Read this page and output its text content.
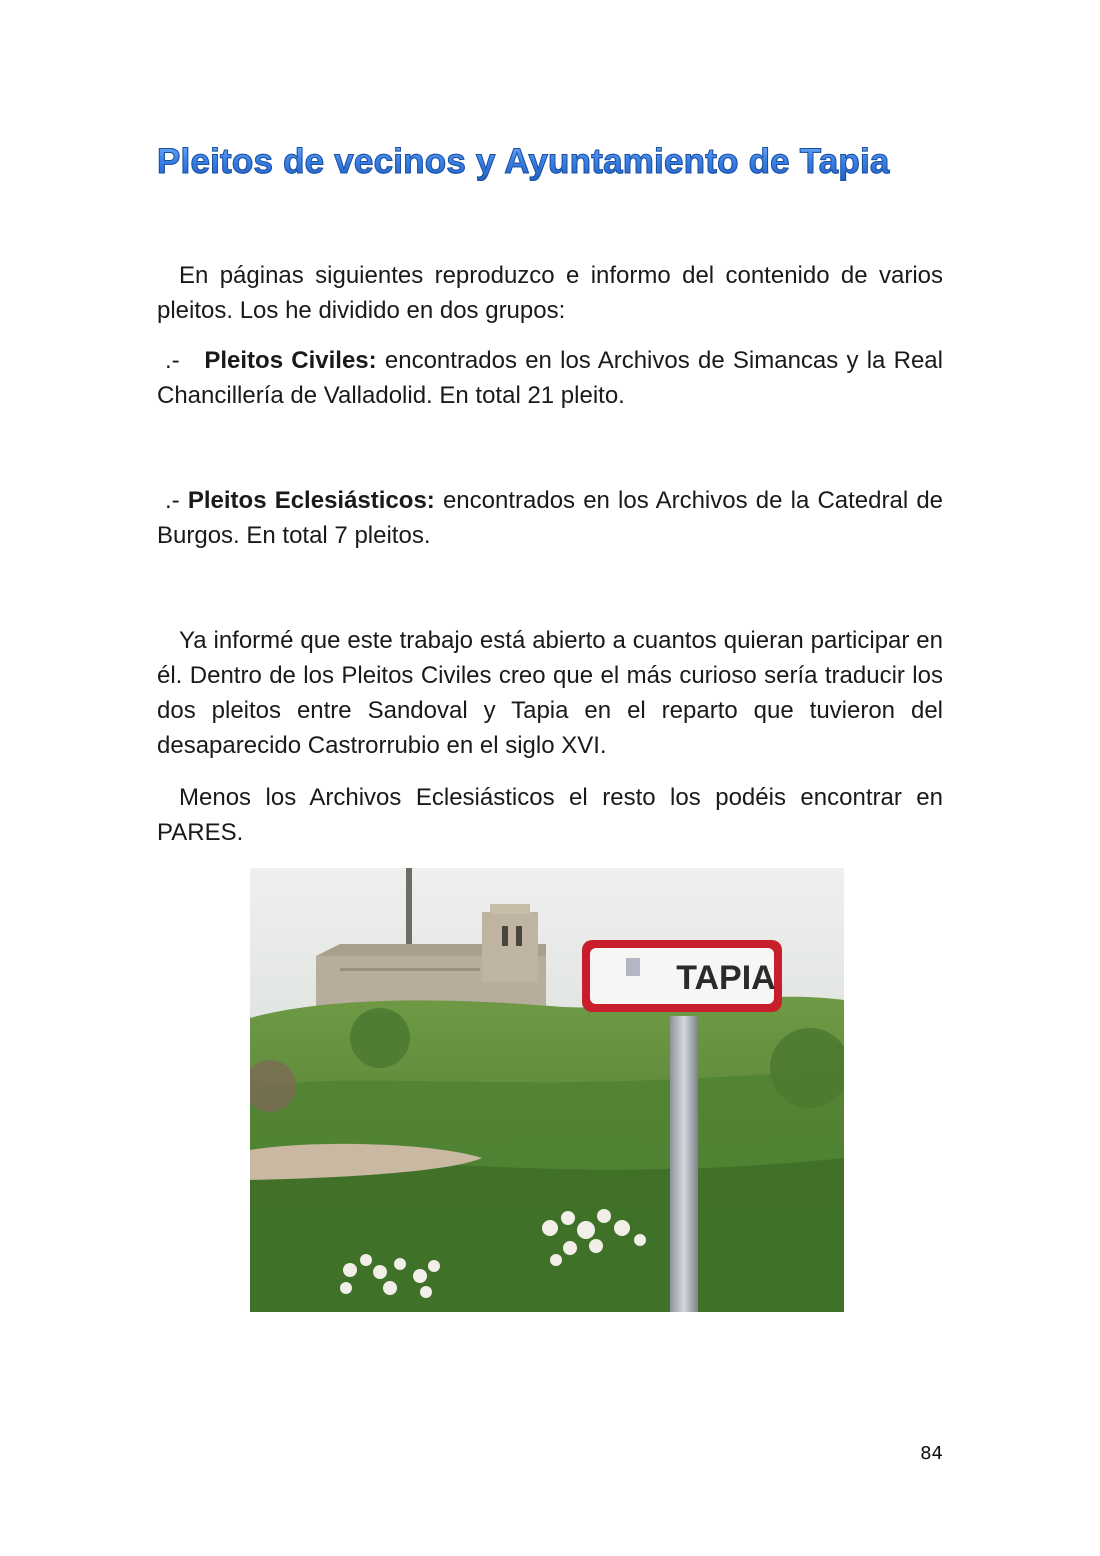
Pleitos de vecinos y Ayuntamiento de Tapia

En páginas siguientes reproduzco e informo del contenido de varios pleitos. Los he dividido en dos grupos:

.- Pleitos Civiles: encontrados en los Archivos de Simancas y la Real Chancillería de Valladolid. En total 21 pleito.

.- Pleitos Eclesiásticos: encontrados en los Archivos de la Catedral de Burgos. En total 7 pleitos.

Ya informé que este trabajo está abierto a cuantos quieran participar en él. Dentro de los Pleitos Civiles creo que el más curioso sería traducir los dos pleitos entre Sandoval y Tapia en el reparto que tuvieron del desaparecido Castrorrubio en el siglo XVI.

Menos los Archivos Eclesiásticos el resto los podéis encontrar en PARES.

TAPIA
84
